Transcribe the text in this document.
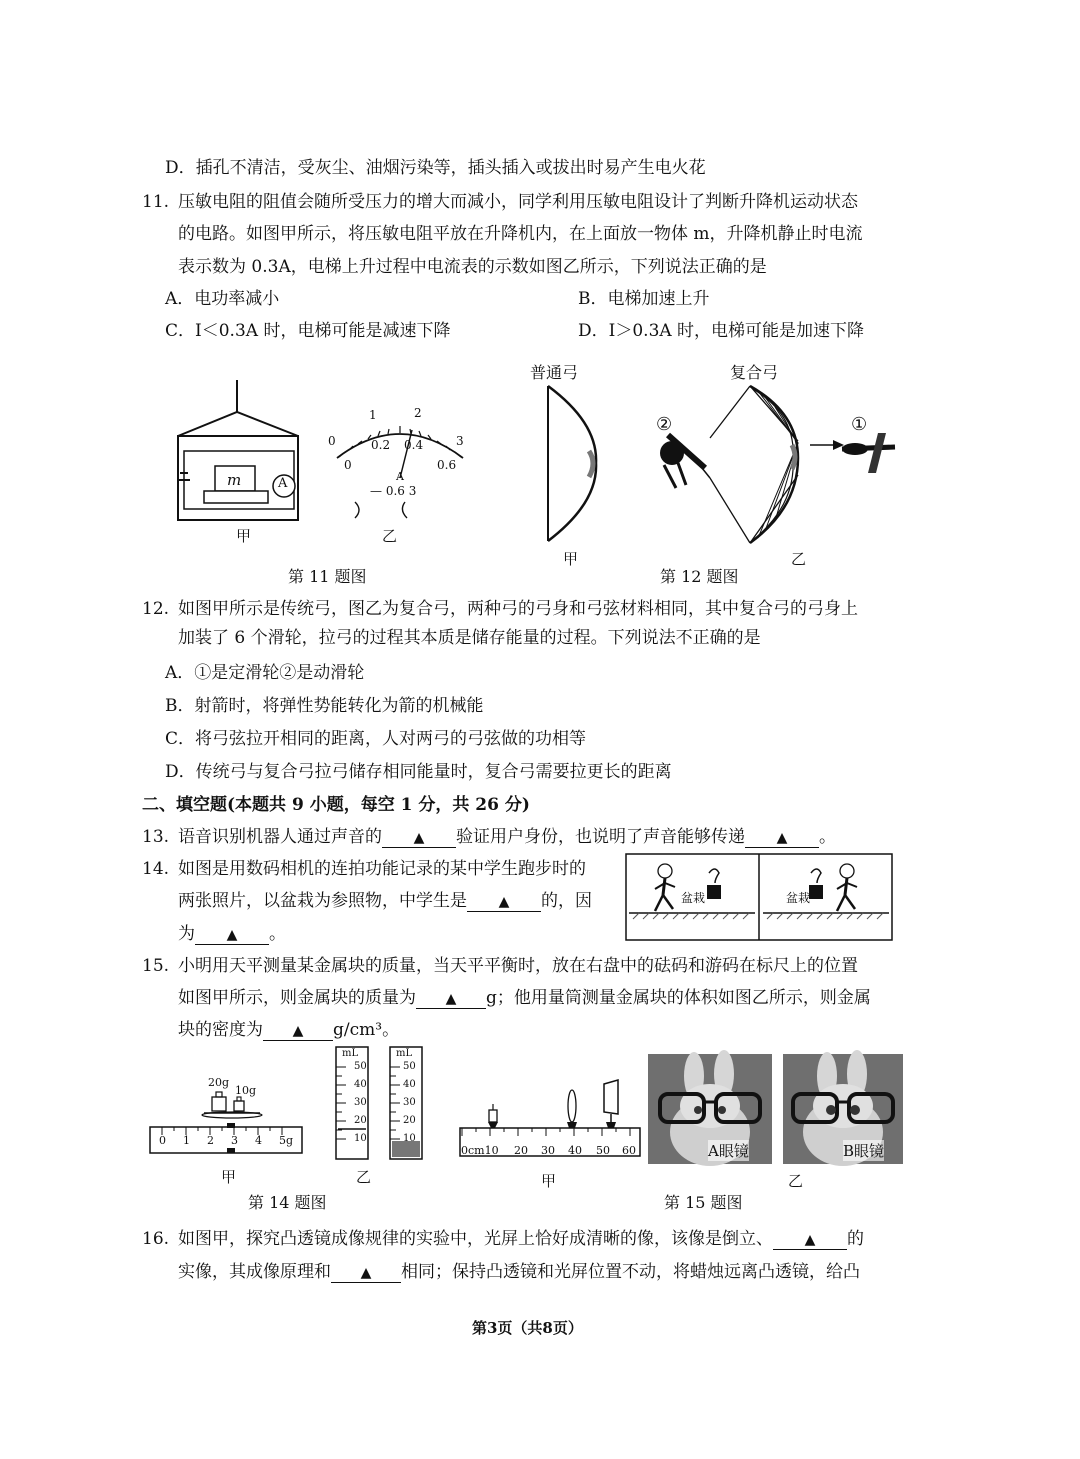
D．插孔不清洁，受灰尘、油烟污染等，插头插入或拔出时易产生电火花
11. 压敏电阻的阻值会随所受压力的增大而减小，同学利用压敏电阻设计了判断升降机运动状态
的电路。如图甲所示，将压敏电阻平放在升降机内，在上面放一物体 m，升降机静止时电流
表示数为 0.3A，电梯上升过程中电流表的示数如图乙所示，下列说法正确的是
A．电功率减小	B．电梯加速上升
C．I＜0.3A 时，电梯可能是减速下降	D．I＞0.3A 时，电梯可能是加速下降
m	A
甲
1	2
3
0
0
0.2 0.4
0.6
A
— 0.6 3
乙
第 11 题图
普通弓	复合弓
甲
②	①
乙
第 12 题图
12. 如图甲所示是传统弓，图乙为复合弓，两种弓的弓身和弓弦材料相同，其中复合弓的弓身上
加装了 6 个滑轮，拉弓的过程其本质是储存能量的过程。下列说法不正确的是
A．①是定滑轮②是动滑轮
B．射箭时，将弹性势能转化为箭的机械能
C．将弓弦拉开相同的距离，人对两弓的弓弦做的功相等
D．传统弓与复合弓拉弓储存相同能量时，复合弓需要拉更长的距离
二、填空题(本题共 9 小题，每空 1 分，共 26 分)
13. 语音识别机器人通过声音的 ▲ 验证用户身份，也说明了声音能够传递 ▲ 。
14. 如图是用数码相机的连拍功能记录的某中学生跑步时的
两张照片，以盆栽为参照物，中学生是 ▲ 的，因
为 ▲ 。
盆栽	盆栽
15. 小明用天平测量某金属块的质量，当天平平衡时，放在右盘中的砝码和游码在标尺上的位置
如图甲所示，则金属块的质量为 ▲ g；他用量筒测量金属块的体积如图乙所示，则金属
块的密度为 ▲ g/cm³。
20g
10g
0 1 2 3 4 5g
甲
mL	mL
50
40
30
20
10
50
40
30
20
10
乙
第 14 题图
0cm10 20 30 40 50 60
甲
A眼镜	B眼镜
乙
第 15 题图
16. 如图甲，探究凸透镜成像规律的实验中，光屏上恰好成清晰的像，该像是倒立、 ▲ 的
实像，其成像原理和 ▲ 相同；保持凸透镜和光屏位置不动，将蜡烛远离凸透镜，给凸
第3页（共8页）
